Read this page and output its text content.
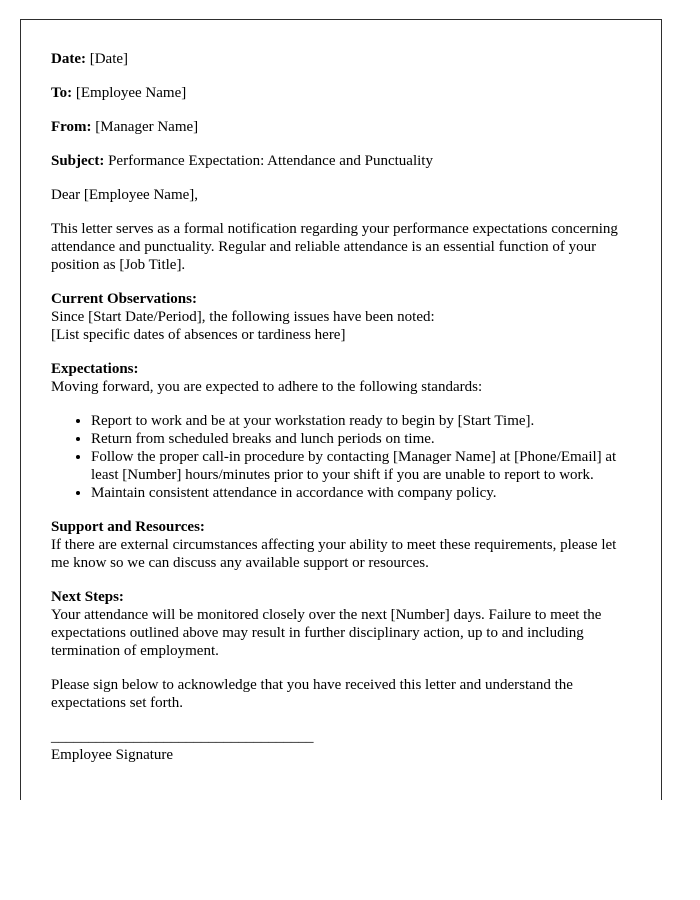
Date: [Date]

To: [Employee Name]

From: [Manager Name]

Subject: Performance Expectation: Attendance and Punctuality

Dear [Employee Name],

This letter serves as a formal notification regarding your performance expectations concerning attendance and punctuality. Regular and reliable attendance is an essential function of your position as [Job Title].

Current Observations:
Since [Start Date/Period], the following issues have been noted:
[List specific dates of absences or tardiness here]

Expectations:
Moving forward, you are expected to adhere to the following standards:

• Report to work and be at your workstation ready to begin by [Start Time].
• Return from scheduled breaks and lunch periods on time.
• Follow the proper call-in procedure by contacting [Manager Name] at [Phone/Email] at least [Number] hours/minutes prior to your shift if you are unable to report to work.
• Maintain consistent attendance in accordance with company policy.

Support and Resources:
If there are external circumstances affecting your ability to meet these requirements, please let me know so we can discuss any available support or resources.

Next Steps:
Your attendance will be monitored closely over the next [Number] days. Failure to meet the expectations outlined above may result in further disciplinary action, up to and including termination of employment.

Please sign below to acknowledge that you have received this letter and understand the expectations set forth.

___________________________________
Employee Signature
